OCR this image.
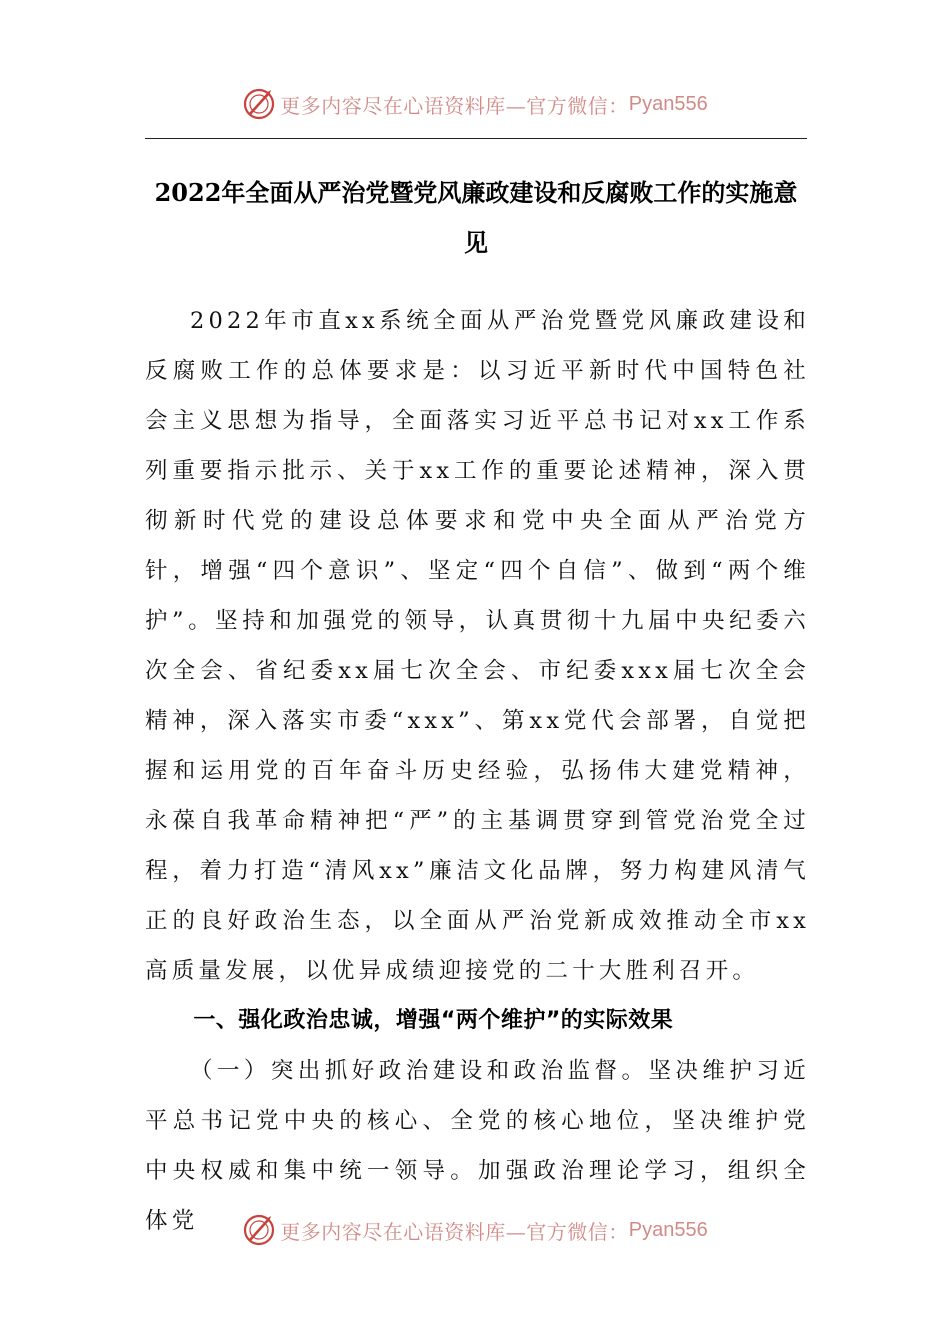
更多内容尽在心语资料库—官方微信： Pyan556
2022年全面从严治党暨党风廉政建设和反腐败工作的实施意见

2022年市直xx系统全面从严治党暨党风廉政建设和反腐败工作的总体要求是：以习近平新时代中国特色社会主义思想为指导，全面落实习近平总书记对xx工作系列重要指示批示、关于xx工作的重要论述精神，深入贯彻新时代党的建设总体要求和党中央全面从严治党方针，增强“四个意识”、坚定“四个自信”、做到“两个维护”。坚持和加强党的领导，认真贯彻十九届中央纪委六次全会、省纪委xx届七次全会、市纪委xxx届七次全会精神，深入落实市委“xxx”、第xx党代会部署，自觉把握和运用党的百年奋斗历史经验，弘扬伟大建党精神，永葆自我革命精神把“严”的主基调贯穿到管党治党全过程，着力打造“清风xx”廉洁文化品牌，努力构建风清气正的良好政治生态，以全面从严治党新成效推动全市xx高质量发展，以优异成绩迎接党的二十大胜利召开。

一、强化政治忠诚，增强“两个维护”的实际效果

（一）突出抓好政治建设和政治监督。坚决维护习近平总书记党中央的核心、全党的核心地位，坚决维护党中央权威和集中统一领导。加强政治理论学习，组织全体党	更多内容尽在心语资料库—官方微信： Pyan556
